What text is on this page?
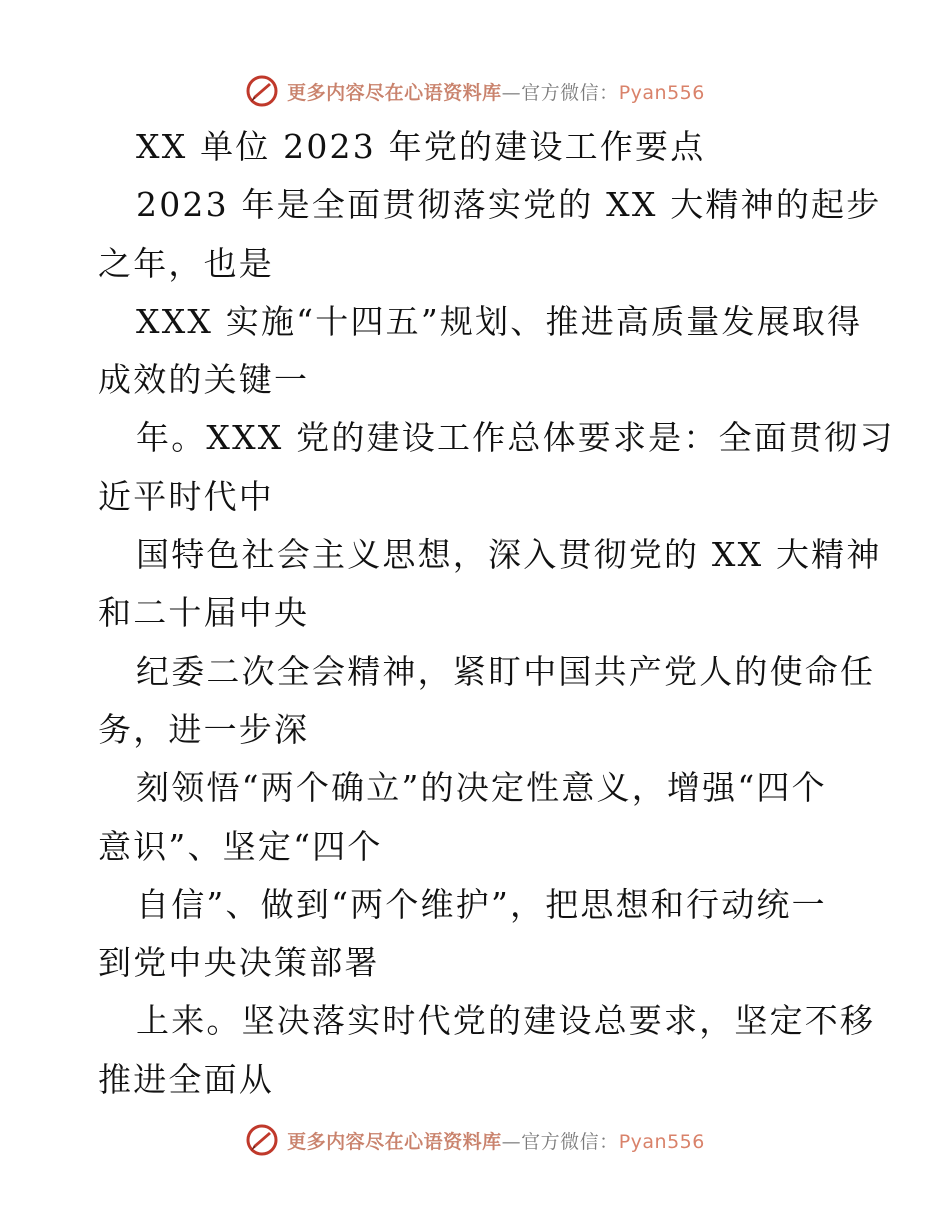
更多内容尽在心语资料库—官方微信：Pyan556
XX 单位 2023 年党的建设工作要点
2023 年是全面贯彻落实党的 XX 大精神的起步
之年，也是
XXX 实施“十四五”规划、推进高质量发展取得
成效的关键一
年。XXX 党的建设工作总体要求是：全面贯彻习
近平时代中
国特色社会主义思想，深入贯彻党的 XX 大精神
和二十届中央
纪委二次全会精神，紧盯中国共产党人的使命任
务，进一步深
刻领悟“两个确立”的决定性意义，增强“四个
意识”、坚定“四个
自信”、做到“两个维护”，把思想和行动统一
到党中央决策部署
上来。坚决落实时代党的建设总要求，坚定不移
推进全面从
更多内容尽在心语资料库—官方微信：Pyan556
